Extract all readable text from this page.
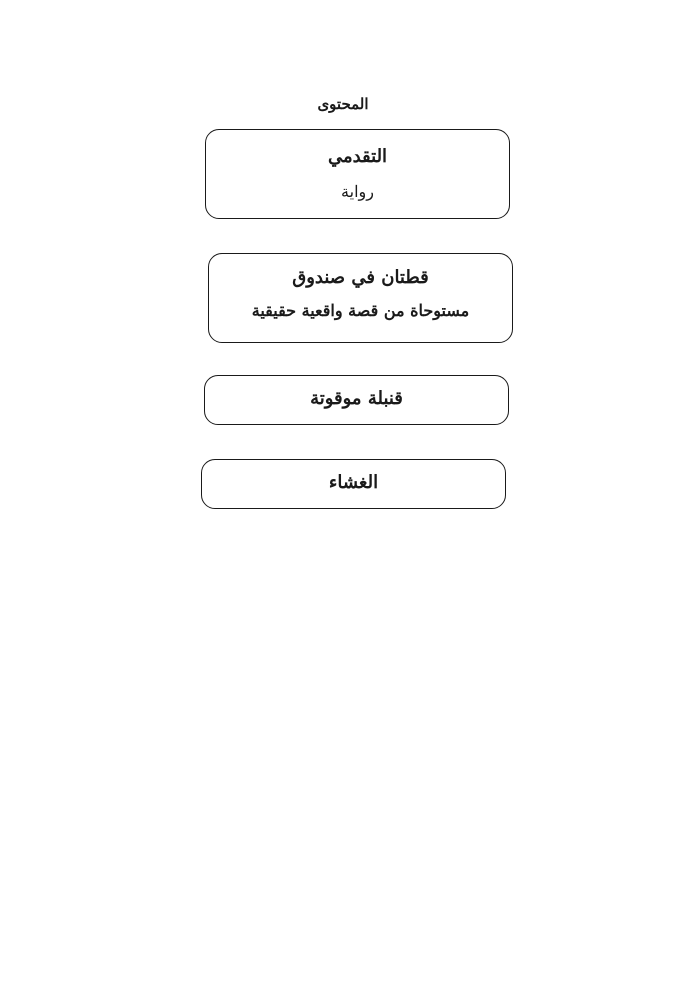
المحتوى
التقدمي
رواية
قطتان في صندوق
مستوحاة من قصة واقعية حقيقية
قنبلة موقوتة
الغشاء
